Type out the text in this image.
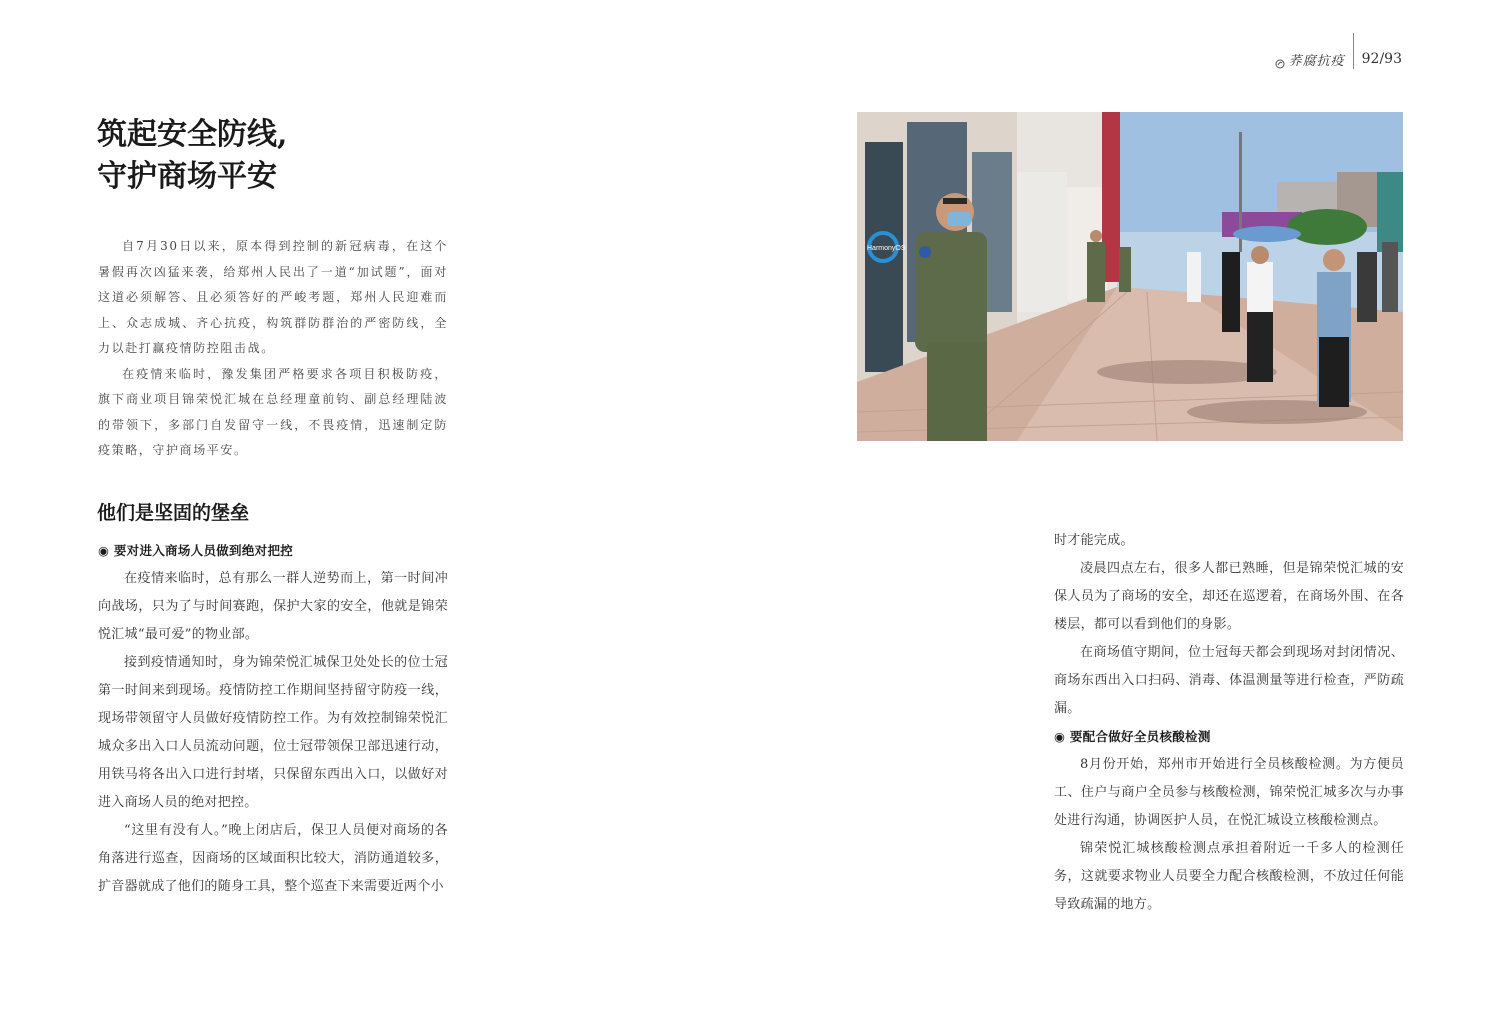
荞腐抗疫 92/93
筑起安全防线,
守护商场平安

自7月30日以来，原本得到控制的新冠病毒，在这个暑假再次凶猛来袭，给郑州人民出了一道“加试题”，面对这道必须解答、且必须答好的严峻考题，郑州人民迎难而上、众志成城、齐心抗疫，构筑群防群治的严密防线，全力以赴打赢疫情防控阻击战。

在疫情来临时，豫发集团严格要求各项目积极防疫，旗下商业项目锦荣悦汇城在总经理童前钧、副总经理陆波的带领下，多部门自发留守一线，不畏疫情，迅速制定防疫策略，守护商场平安。

他们是坚固的堡垒

◉ 要对进入商场人员做到绝对把控

在疫情来临时，总有那么一群人逆势而上，第一时间冲向战场，只为了与时间赛跑，保护大家的安全，他就是锦荣悦汇城“最可爱”的物业部。

接到疫情通知时，身为锦荣悦汇城保卫处处长的位士冠第一时间来到现场。疫情防控工作期间坚持留守防疫一线，现场带领留守人员做好疫情防控工作。为有效控制锦荣悦汇城众多出入口人员流动问题，位士冠带领保卫部迅速行动，用铁马将各出入口进行封堵，只保留东西出入口，以做好对进入商场人员的绝对把控。

“这里有没有人。”晚上闭店后，保卫人员便对商场的各角落进行巡查，因商场的区域面积比较大，消防通道较多，扩音器就成了他们的随身工具，整个巡查下来需要近两个小

HarmonyOS

时才能完成。

凌晨四点左右，很多人都已熟睡，但是锦荣悦汇城的安保人员为了商场的安全，却还在巡逻着，在商场外围、在各楼层，都可以看到他们的身影。

在商场值守期间，位士冠每天都会到现场对封闭情况、商场东西出入口扫码、消毒、体温测量等进行检查，严防疏漏。

◉ 要配合做好全员核酸检测

8月份开始，郑州市开始进行全员核酸检测。为方便员工、住户与商户全员参与核酸检测，锦荣悦汇城多次与办事处进行沟通，协调医护人员，在悦汇城设立核酸检测点。

锦荣悦汇城核酸检测点承担着附近一千多人的检测任务，这就要求物业人员要全力配合核酸检测，不放过任何能导致疏漏的地方。
